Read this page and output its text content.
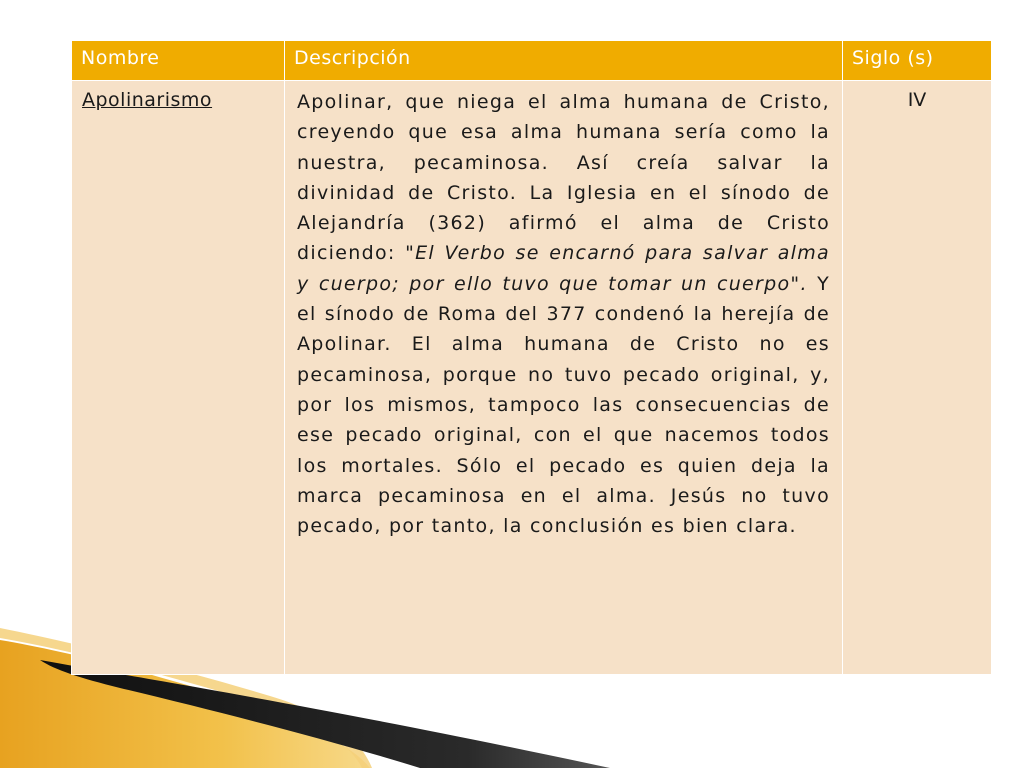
Nombre	Descripción	Siglo (s)
Apolinarismo	Apolinar, que niega el alma humana de Cristo, creyendo que esa alma humana sería como la nuestra, pecaminosa. Así creía salvar la divinidad de Cristo. La Iglesia en el sínodo de Alejandría (362) afirmó el alma de Cristo diciendo: "El Verbo se encarnó para salvar alma y cuerpo; por ello tuvo que tomar un cuerpo". Y el sínodo de Roma del 377 condenó la herejía de Apolinar. El alma humana de Cristo no es pecaminosa, porque no tuvo pecado original, y, por los mismos, tampoco las consecuencias de ese pecado original, con el que nacemos todos los mortales. Sólo el pecado es quien deja la marca pecaminosa en el alma. Jesús no tuvo pecado, por tanto, la conclusión es bien clara.	IV
